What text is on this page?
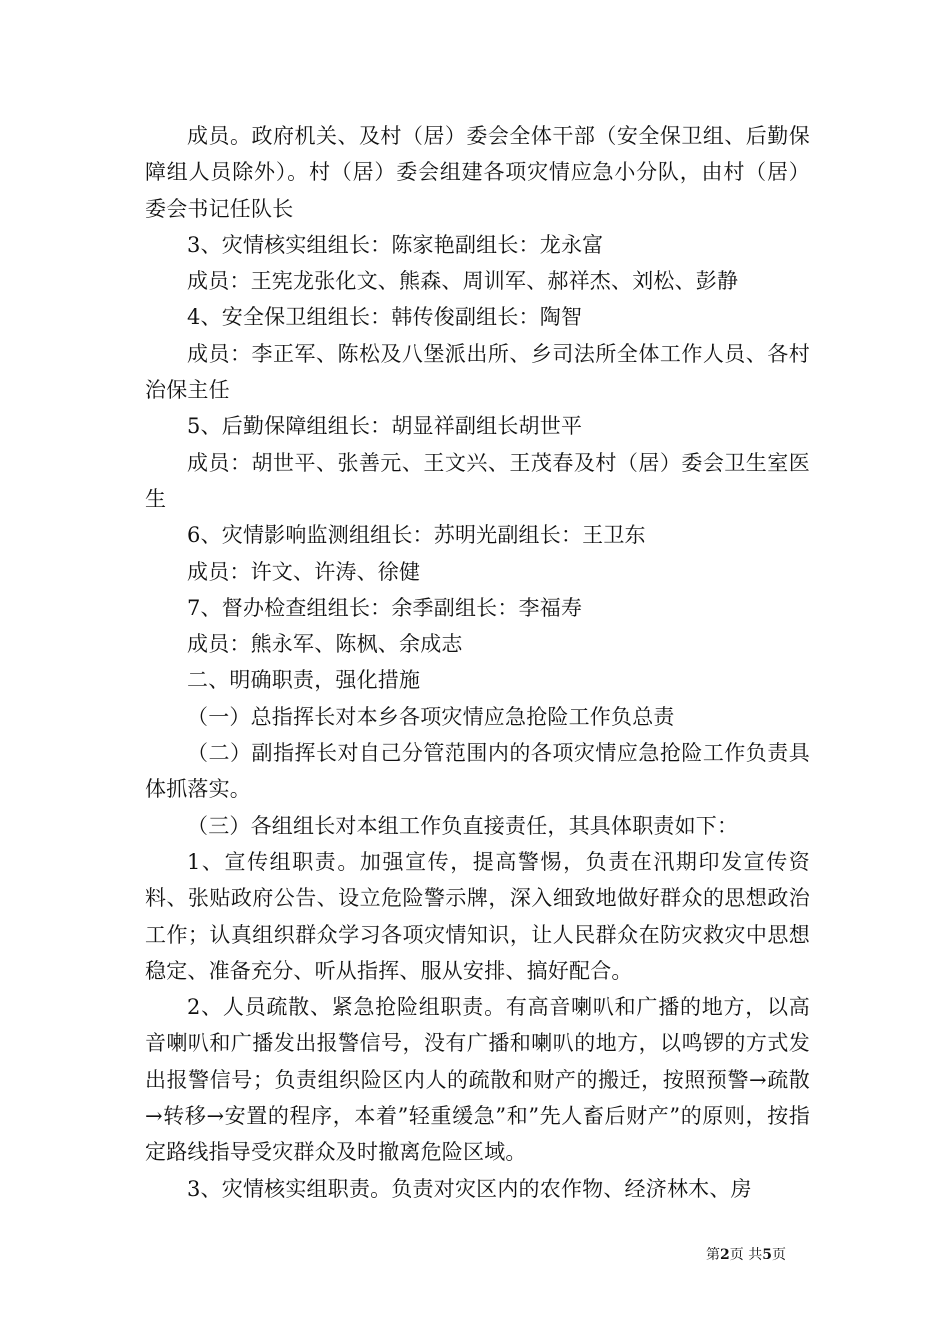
成员。政府机关、及村（居）委会全体干部（安全保卫组、后勤保障组人员除外）。村（居）委会组建各项灾情应急小分队，由村（居）委会书记任队长

3、灾情核实组组长：陈家艳副组长：龙永富

成员：王宪龙张化文、熊森、周训军、郝祥杰、刘松、彭静

4、安全保卫组组长：韩传俊副组长：陶智

成员：李正军、陈松及八堡派出所、乡司法所全体工作人员、各村治保主任

5、后勤保障组组长：胡显祥副组长胡世平

成员：胡世平、张善元、王文兴、王茂春及村（居）委会卫生室医生

6、灾情影响监测组组长：苏明光副组长：王卫东

成员：许文、许涛、徐健

7、督办检查组组长：余季副组长：李福寿

成员：熊永军、陈枫、余成志

二、明确职责，强化措施

（一）总指挥长对本乡各项灾情应急抢险工作负总责

（二）副指挥长对自己分管范围内的各项灾情应急抢险工作负责具体抓落实。

（三）各组组长对本组工作负直接责任，其具体职责如下：

1、宣传组职责。加强宣传，提高警惕，负责在汛期印发宣传资料、张贴政府公告、设立危险警示牌，深入细致地做好群众的思想政治工作；认真组织群众学习各项灾情知识，让人民群众在防灾救灾中思想稳定、准备充分、听从指挥、服从安排、搞好配合。

2、人员疏散、紧急抢险组职责。有高音喇叭和广播的地方，以高音喇叭和广播发出报警信号，没有广播和喇叭的地方，以鸣锣的方式发出报警信号；负责组织险区内人的疏散和财产的搬迁，按照预警→疏散→转移→安置的程序，本着”轻重缓急”和”先人畜后财产”的原则，按指定路线指导受灾群众及时撤离危险区域。

3、灾情核实组职责。负责对灾区内的农作物、经济林木、房

第2页 共5页
